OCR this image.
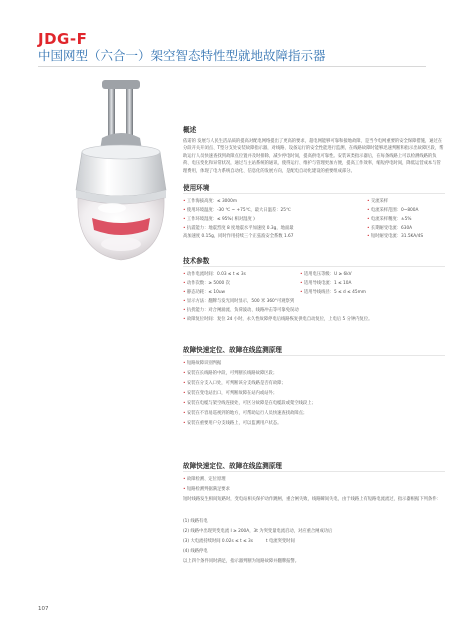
JDG-F
中国网型（六合一）架空智态特性型就地故障指示器
概述
依诺的 发展与人民生活品质的提高对配电网络提出了更高的要求，超电网能够可靠和接地故障，是当今电网重要的安全保障措施，通过在分段开关开闭点、T型分支处安装故障指示器，对线路、设备运行的安全性能进行监测，在线路故障时能够迅速判断和指示出故障区段，帮助运行人员快速查找到故障点位置并及时排除，减少停电时间，提高供电可靠性。安装该类指示器后，在每条线路上可以检测线路的负荷、电压变化和异常状况，通过与主站系统的通讯，使得运行、维护与管理更加方便，提高工作效率，缩短停电时间，降低运营成本与管理费用，体现了电力系统自动化、信息化的发展方向，是配电自动化建设的重要组成部分。
使用环境
• 工作海拔高度：≤ 3000m
• 使用环境温度：-30 ℃ ~ +75℃，最大日温差：25℃
• 工作环境湿度：≤ 95%( 相对湿度 )
• 抗震能力：地震烈度 8 度地震水平加速度 0.3g，地面最
高加速度 0.15g，同时作用持续三个正弦波安全系数 1.67
• 交流采样
• 电流采样范围：0~800A
• 电流采样精度：±5%
• 长期耐受电流：630A
• 短时耐受电流：31.5KA/4S
技术参数
• 动作电流时间：0.03 ≤ t ≤ 3s
• 动作次数：≥ 5000 次
• 静态功耗：≤ 10uw
• 适用电压等级：U ≥ 6kV
• 适用导线电流：1 ≤ 10A
• 适用导线线径：5 ≤ d ≤ 45mm
• 显示方法：翻牌与发光同时显示，500 米 360°可观察到
• 抗扰能力：对合闸涌流、负荷波动、线路冲击等可靠免误动
• 故障复位时间：复位 24 小时，永久性故障停电后线路恢复供电自动复位，上电后 5 分钟内复位。
故障快速定位、故障在线监测原理
• 短路故障识别判据
• 安装在长线路的中段，可判断长线路故障区段；
• 安装在分支入口处，可判断该分支线路是否有故障；
• 安装在变电站出口，可判断故障在站内或站外；
• 安装在电缆与架空线连接处，可区分故障是在电缆段或架空线段上；
• 安装在不容易巡视到的地方，可帮助运行人员快速查找故障点；
• 安装在重要用户分支线路上，可以监测用户状态。
故障快速定位、故障在线监测原理
• 故障检测、定位原理
• 短路检测判据满足要求
短时线路发生相间短路时，变电站相关保护动作跳闸，重合闸失败，线路瞬间失电，由于线路上有短路电流流过，指示器根据下列条件：
(1) 线路有电
(2) 线路中出现突变电流 I ≥ 200A，3t 为突变量电流启动，对应重合闸成功后
(3) 大电流持续时间 0.02s ≤ t ≤ 3s　　　t 电流突变时间
(4) 线路停电
以上四个条件同时满足，指示器判断为短路故障并翻牌报警。
107
